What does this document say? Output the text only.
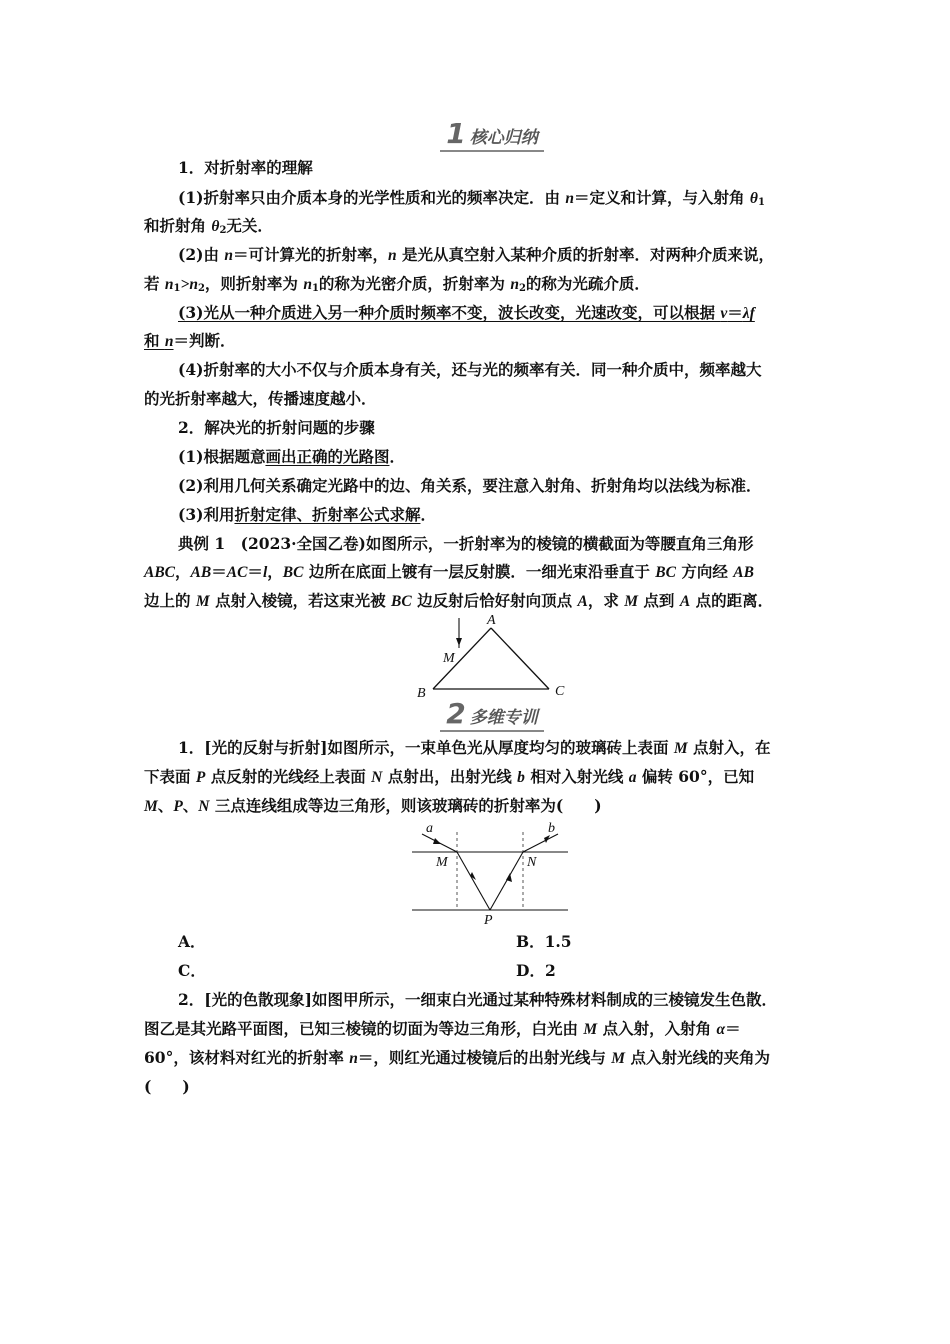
1 核心归纳
1．对折射率的理解
(1)折射率只由介质本身的光学性质和光的频率决定．由 n＝定义和计算，与入射角 $\theta_1$
和折射角 $\theta_2$无关．
(2)由 n＝可计算光的折射率，n 是光从真空射入某种介质的折射率．对两种介质来说，
若 $n_1>n_2$，则折射率为 $n_1$的称为光密介质，折射率为 $n_2$的称为光疏介质．
(3)光从一种介质进入另一种介质时频率不变，波长改变，光速改变，可以根据 v＝λf
和 n＝判断．
(4)折射率的大小不仅与介质本身有关，还与光的频率有关．同一种介质中，频率越大
的光折射率越大，传播速度越小．
2．解决光的折射问题的步骤
(1)根据题意画出正确的光路图．
(2)利用几何关系确定光路中的边、角关系，要注意入射角、折射角均以法线为标准．
(3)利用折射定律、折射率公式求解．
典例 1　(2023·全国乙卷)如图所示，一折射率为的棱镜的横截面为等腰直角三角形
ABC，AB＝AC＝l，BC 边所在底面上镀有一层反射膜．一细光束沿垂直于 BC 方向经 AB
边上的 M 点射入棱镜，若这束光被 BC 边反射后恰好射向顶点 A，求 M 点到 A 点的距离．
A
M
B	C
2 多维专训
1．[光的反射与折射]如图所示，一束单色光从厚度均匀的玻璃砖上表面 M 点射入，在
下表面 P 点反射的光线经上表面 N 点射出，出射光线 b 相对入射光线 a 偏转 60°，已知
M、P、N 三点连线组成等边三角形，则该玻璃砖的折射率为(　　)
a	b
M	N
P
A．	B．1.5
C．	D．2
2．[光的色散现象]如图甲所示，一细束白光通过某种特殊材料制成的三棱镜发生色散．
图乙是其光路平面图，已知三棱镜的切面为等边三角形，白光由 M 点入射，入射角 α＝
60°，该材料对红光的折射率 n＝，则红光通过棱镜后的出射光线与 M 点入射光线的夹角为
(　　)
